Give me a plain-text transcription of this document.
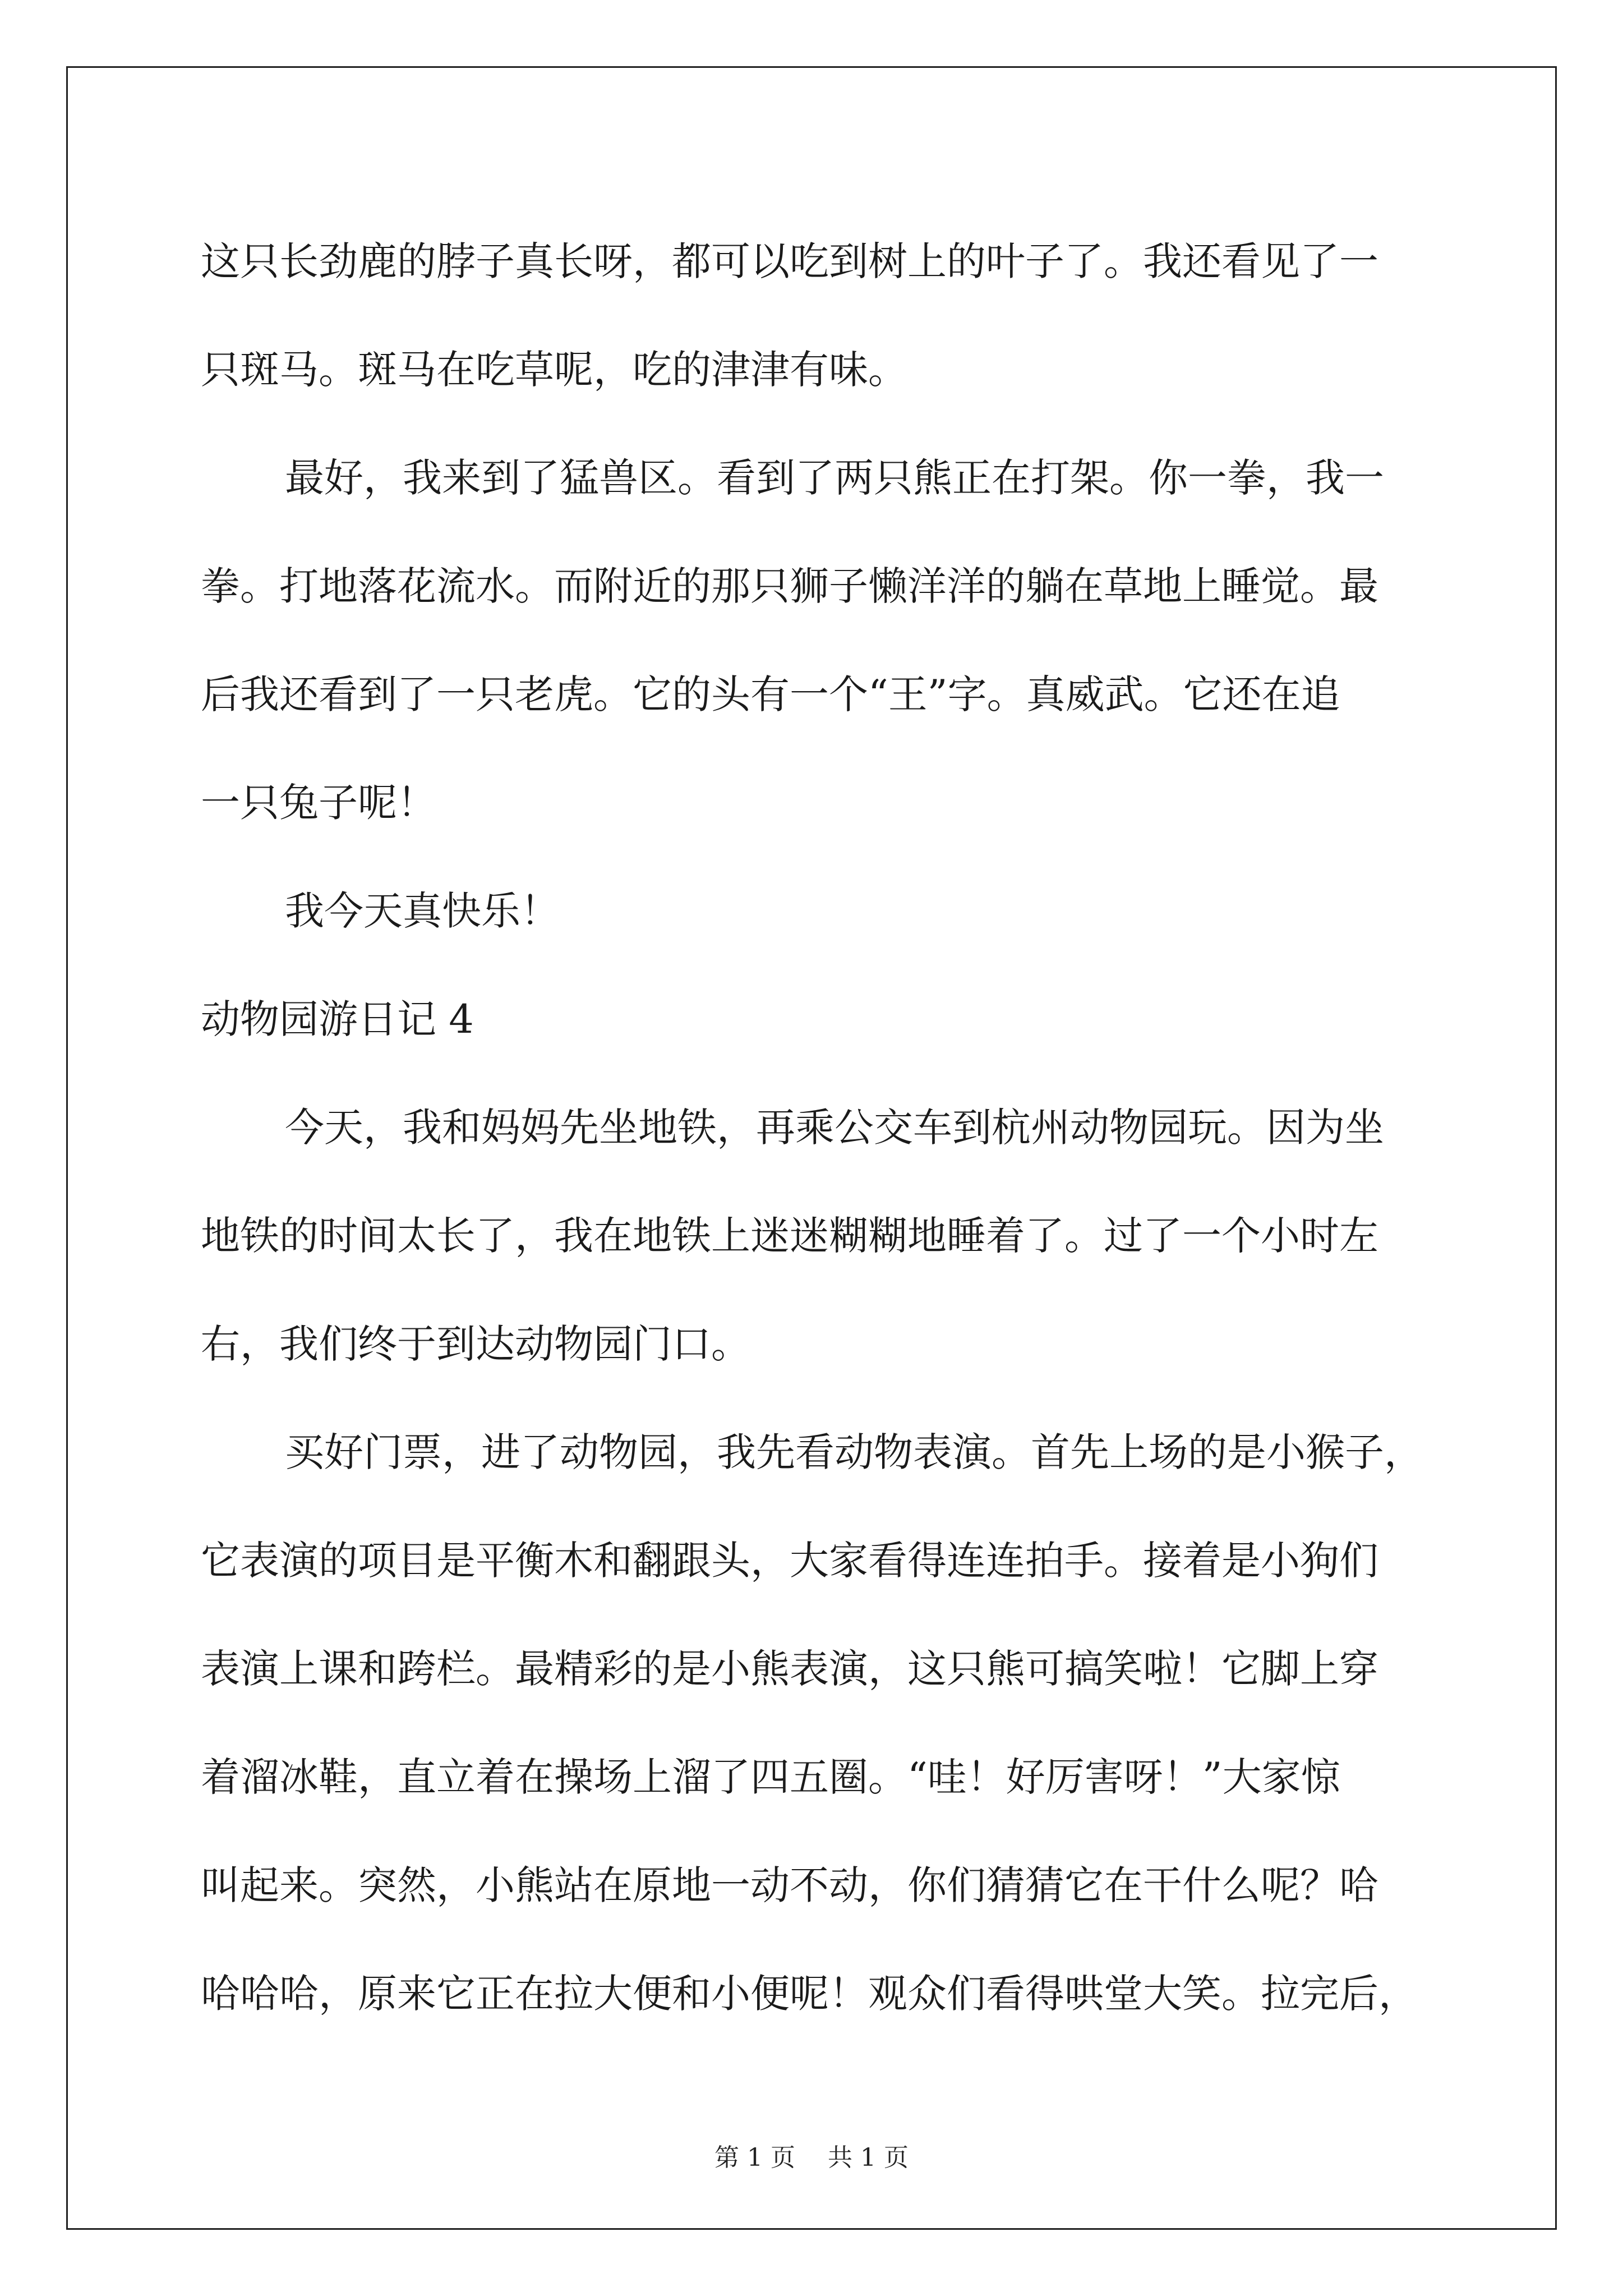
这只长劲鹿的脖子真长呀，都可以吃到树上的叶子了。我还看见了一
只斑马。斑马在吃草呢，吃的津津有味。
最好，我来到了猛兽区。看到了两只熊正在打架。你一拳，我一
拳。打地落花流水。而附近的那只狮子懒洋洋的躺在草地上睡觉。最
后我还看到了一只老虎。它的头有一个“王”字。真威武。它还在追
一只兔子呢！
我今天真快乐！
动物园游日记 4
今天，我和妈妈先坐地铁，再乘公交车到杭州动物园玩。因为坐
地铁的时间太长了，我在地铁上迷迷糊糊地睡着了。过了一个小时左
右，我们终于到达动物园门口。
买好门票，进了动物园，我先看动物表演。首先上场的是小猴子，
它表演的项目是平衡木和翻跟头，大家看得连连拍手。接着是小狗们
表演上课和跨栏。最精彩的是小熊表演，这只熊可搞笑啦！它脚上穿
着溜冰鞋，直立着在操场上溜了四五圈。“哇！好厉害呀！”大家惊
叫起来。突然，小熊站在原地一动不动，你们猜猜它在干什么呢？哈
哈哈哈，原来它正在拉大便和小便呢！观众们看得哄堂大笑。拉完后，
第 1 页 共 1 页
